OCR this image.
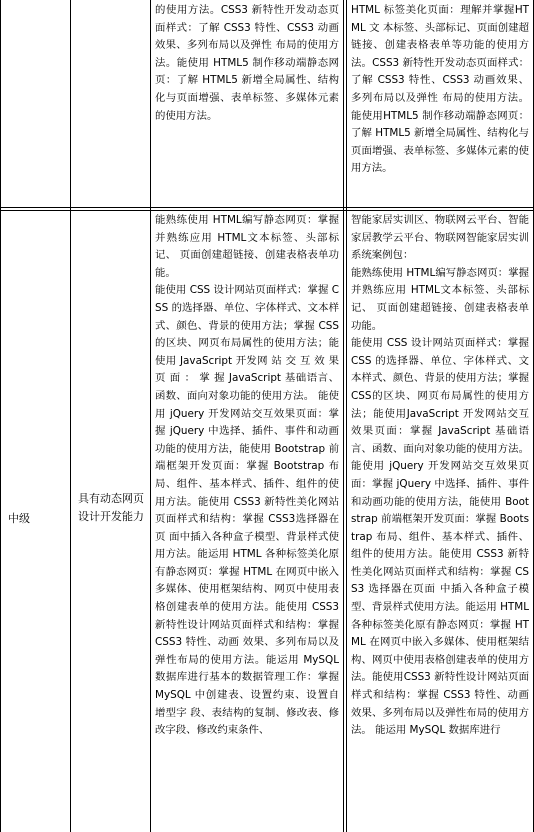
的使用方法。CSS3 新特性开发动态页面样式：了解 CSS3 特性、CSS3 动画效果、多列布局以及弹性 布局的使用方法。能使用 HTML5 制作移动端静态网页：了解 HTML5 新增全局属性、结构化与页面增强、表单标签、多媒体元素的使用方法。

HTML 标签美化页面：理解并掌握HTML 文 本标签、头部标记、页面创建超链接、创建表格表单等功能的使用方法。CSS3 新特性开发动态页面样式：了解 CSS3 特性、CSS3 动画效果、多列布局以及弹性 布局的使用方法。能使用HTML5 制作移动端静态网页：了解 HTML5 新增全局属性、结构化与页面增强、表单标签、多媒体元素的使用方法。

中级
具有动态网页设计开发能力

能熟练使用 HTML编写静态网页：掌握并熟练应用 HTML文本标签、头部标记、 页面创建超链接、创建表格表单功能。

能使用 CSS 设计网站页面样式：掌握 CSS 的选择器、单位、字体样式、文本样式、颜色、背景的使用方法；掌握 CSS的区块、网页布局属性的使用方法；能使用 JavaScript 开发网 站 交 互 效 果 页 面 ： 掌 握 JavaScript 基础语言、函数、面向对象功能的使用方法。 能使用 jQuery 开发网站交互效果页面：掌握 jQuery 中选择、插件、事件和动画功能的使用方法，能使用 Bootstrap 前端框架开发页面：掌握 Bootstrap 布局、组件、基本样式、插件、组件的使用方法。能使用 CSS3 新特性美化网站页面样式和结构：掌握 CSS3选择器在页 面中插入各种盒子模型、背景样式使用方法。能运用 HTML 各种标签美化原有静态网页：掌握 HTML 在网页中嵌入多媒体、使用框架结构、网页中使用表格创建表单的使用方法。能使用 CSS3 新特性设计网站页面样式和结构：掌握 CSS3 特性、动画 效果、多列布局以及弹性布局的使用方法。能运用 MySQL 数据库进行基本的数据管理工作：掌握 MySQL 中创建表、设置约束、设置自增型字 段、表结构的复制、修改表、修改字段、修改约束条件、

智能家居实训区、物联网云平台、智能家居教学云平台、物联网智能家居实训系统案例包：

能熟练使用 HTML编写静态网页：掌握并熟练应用 HTML文本标签、头部标记、 页面创建超链接、创建表格表单功能。

能使用 CSS 设计网站页面样式：掌握 CSS 的选择器、单位、字体样式、文本样式、颜色、背景的使用方法；掌握 CSS的区块、网页布局属性的使用方法；能使用JavaScript 开发网站交互效果页面：掌握 JavaScript 基础语言、函数、面向对象功能的使用方法。能使用 jQuery 开发网站交互效果页面：掌握 jQuery 中选择、插件、事件和动画功能的使用方法，能使用 Bootstrap 前端框架开发页面：掌握 Bootstrap 布局、组件、基本样式、插件、组件的使用方法。能使用 CSS3 新特性美化网站页面样式和结构：掌握 CSS3 选择器在页面 中插入各种盒子模型、背景样式使用方法。能运用 HTML 各种标签美化原有静态网页：掌握 HTML 在网页中嵌入多媒体、使用框架结构、网页中使用表格创建表单的使用方法。能使用CSS3 新特性设计网站页面样式和结构：掌握 CSS3 特性、动画 效果、多列布局以及弹性布局的使用方法。 能运用 MySQL 数据库进行
